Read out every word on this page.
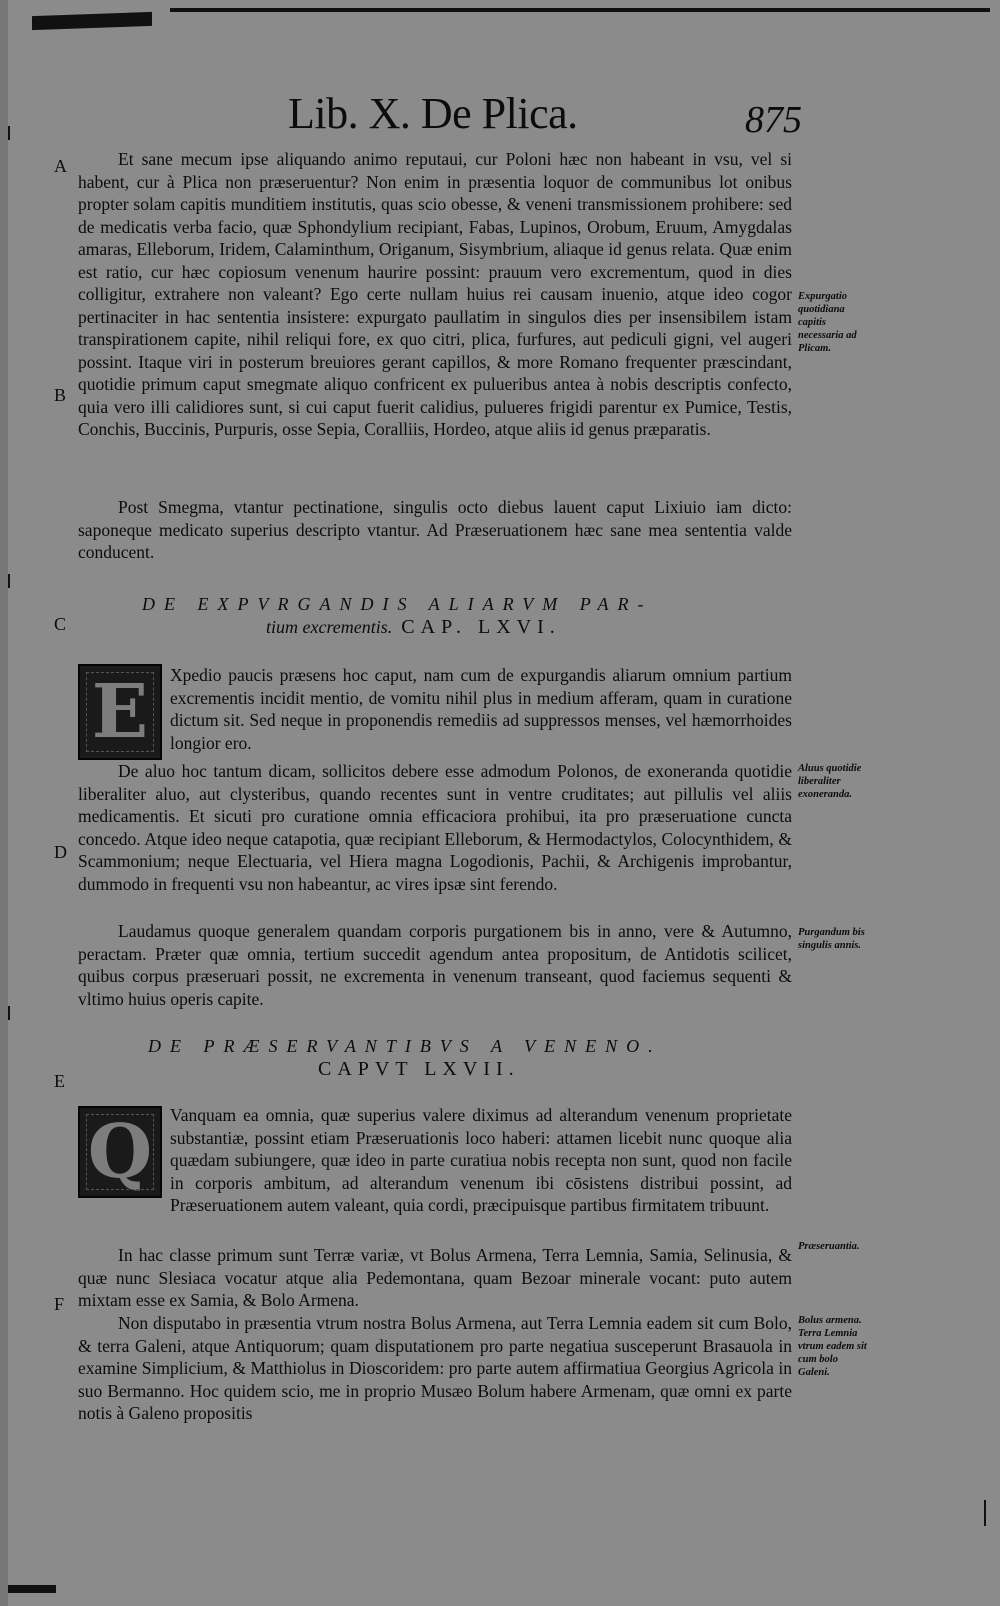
Lib. X. De Plica.	875
A
B
C
D
E
F

Et sane mecum ipse aliquando animo reputaui, cur Poloni hæc non habeant in vsu, vel si habent, cur à Plica non præseruentur? Non enim in præsentia loquor de communibus lot onibus propter solam capitis munditiem institutis, quas scio obesse, & veneni transmissionem prohibere: sed de medicatis verba facio, quæ Sphondylium recipiant, Fabas, Lupinos, Orobum, Eruum, Amygdalas amaras, Elleborum, Iridem, Calaminthum, Origanum, Sisymbrium, aliaque id genus relata. Quæ enim est ratio, cur hæc copiosum venenum haurire possint: prauum vero excrementum, quod in dies colligitur, extrahere non valeant? Ego certe nullam huius rei causam inuenio, atque ideo cogor pertinaciter in hac sententia insistere: expurgato paullatim in singulos dies per insensibilem istam transpirationem capite, nihil reliqui fore, ex quo citri, plica, furfures, aut pediculi gigni, vel augeri possint. Itaque viri in posterum breuiores gerant capillos, & more Romano frequenter præscindant, quotidie primum caput smegmate aliquo confricent ex pulueribus antea à nobis descriptis confecto, quia vero illi calidiores sunt, si cui caput fuerit calidius, pulueres frigidi parentur ex Pumice, Testis, Conchis, Buccinis, Purpuris, osse Sepia, Coralliis, Hordeo, atque aliis id genus præparatis.

Post Smegma, vtantur pectinatione, singulis octo diebus lauent caput Lixiuio iam dicto: saponeque medicato superius descripto vtantur. Ad Præseruationem hæc sane mea sententia valde conducent.

DE EXPVRGANDIS ALIARVM PAR-
tium excrementis. CAP. LXVI.
E	Xpedio paucis præsens hoc caput, nam cum de expurgandis aliarum omnium partium excrementis incidit mentio, de vomitu nihil plus in medium afferam, quam in curatione dictum sit. Sed neque in proponendis remediis ad suppressos menses, vel hæmorrhoides longior ero.

De aluo hoc tantum dicam, sollicitos debere esse admodum Polonos, de exoneranda quotidie liberaliter aluo, aut clysteribus, quando recentes sunt in ventre cruditates; aut pillulis vel aliis medicamentis. Et sicuti pro curatione omnia efficaciora prohibui, ita pro præseruatione cuncta concedo. Atque ideo neque catapotia, quæ recipiant Elleborum, & Hermodactylos, Colocynthidem, & Scammonium; neque Electuaria, vel Hiera magna Logodionis, Pachii, & Archigenis improbantur, dummodo in frequenti vsu non habeantur, ac vires ipsæ sint ferendo.

Laudamus quoque generalem quandam corporis purgationem bis in anno, vere & Autumno, peractam. Præter quæ omnia, tertium succedit agendum antea propositum, de Antidotis scilicet, quibus corpus præseruari possit, ne excrementa in venenum transeant, quod faciemus sequenti & vltimo huius operis capite.

DE PRÆSERVANTIBVS A VENENO.
CAPVT LXVII.
Q	Vanquam ea omnia, quæ superius valere diximus ad alterandum venenum proprietate substantiæ, possint etiam Præseruationis loco haberi: attamen licebit nunc quoque alia quædam subiungere, quæ ideo in parte curatiua nobis recepta non sunt, quod non facile in corporis ambitum, ad alterandum venenum ibi cōsistens distribui possint, ad Præseruationem autem valeant, quia cordi, præcipuisque partibus firmitatem tribuunt.

In hac classe primum sunt Terræ variæ, vt Bolus Armena, Terra Lemnia, Samia, Selinusia, & quæ nunc Slesiaca vocatur atque alia Pedemontana, quam Bezoar minerale vocant: puto autem mixtam esse ex Samia, & Bolo Armena.

Non disputabo in præsentia vtrum nostra Bolus Armena, aut Terra Lemnia eadem sit cum Bolo, & terra Galeni, atque Antiquorum; quam disputationem pro parte negatiua susceperunt Brasauola in examine Simplicium, & Matthiolus in Dioscoridem: pro parte autem affirmatiua Georgius Agricola in suo Bermanno. Hoc quidem scio, me in proprio Musæo Bolum habere Armenam, quæ omni ex parte notis à Galeno propositis

Expurgatio quotidiana capitis necessaria ad Plicam.
Aluus quotidie liberaliter exoneranda.
Purgandum bis singulis annis.
Præseruantia.
Bolus armena. Terra Lemnia vtrum eadem sit cum bolo Galeni.
